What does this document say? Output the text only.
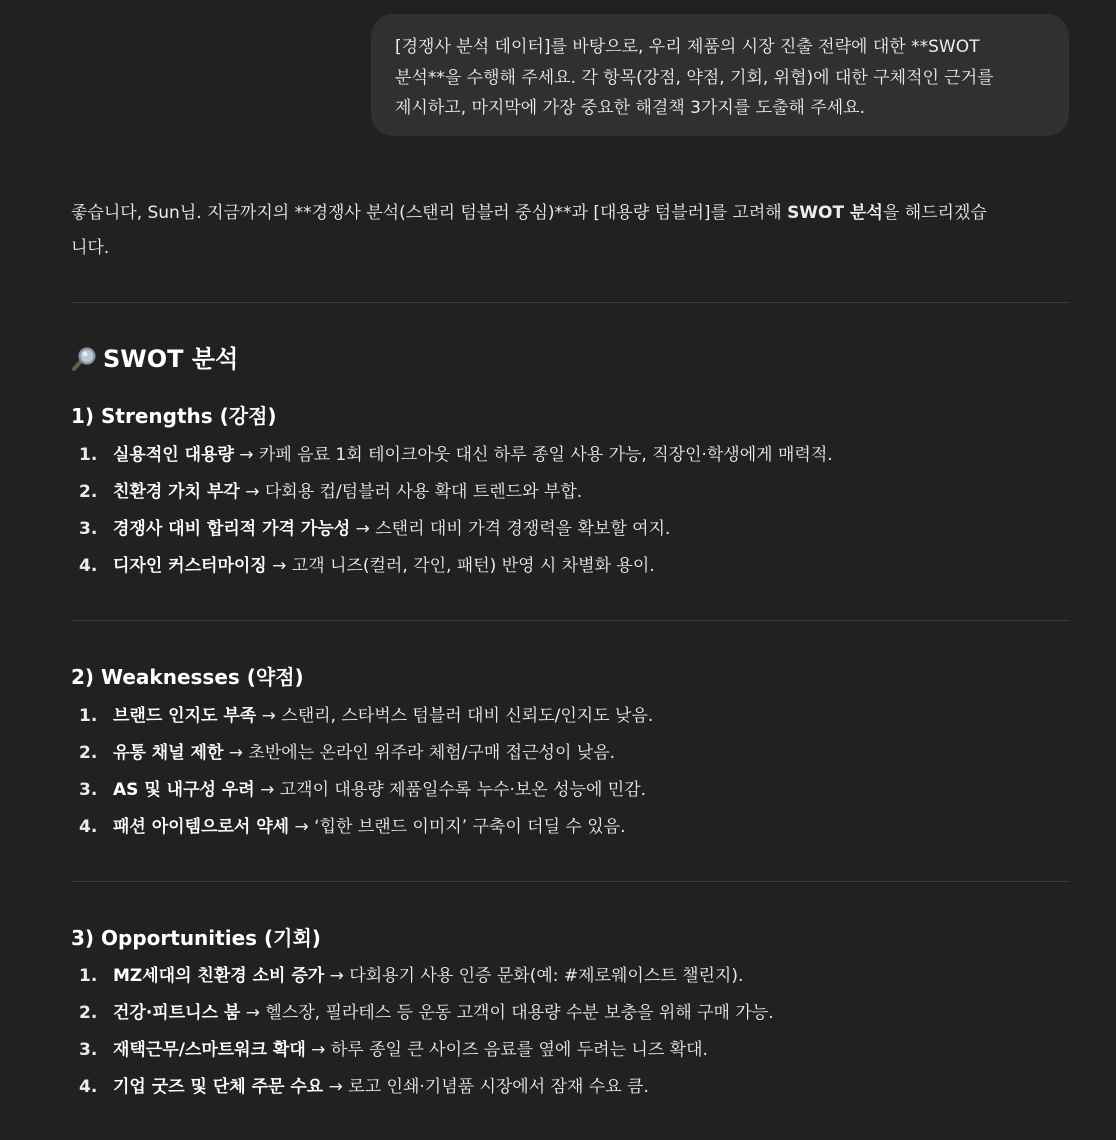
[경쟁사 분석 데이터]를 바탕으로, 우리 제품의 시장 진출 전략에 대한 **SWOT
분석**을 수행해 주세요. 각 항목(강점, 약점, 기회, 위협)에 대한 구체적인 근거를
제시하고, 마지막에 가장 중요한 해결책 3가지를 도출해 주세요.
좋습니다, Sun님. 지금까지의 **경쟁사 분석(스탠리 텀블러 중심)**과 [대용량 텀블러]를 고려해 SWOT 분석을 해드리겠습
니다.
SWOT 분석
1) Strengths (강점)
1. 실용적인 대용량 → 카페 음료 1회 테이크아웃 대신 하루 종일 사용 가능, 직장인·학생에게 매력적.
2. 친환경 가치 부각 → 다회용 컵/텀블러 사용 확대 트렌드와 부합.
3. 경쟁사 대비 합리적 가격 가능성 → 스탠리 대비 가격 경쟁력을 확보할 여지.
4. 디자인 커스터마이징 → 고객 니즈(컬러, 각인, 패턴) 반영 시 차별화 용이.
2) Weaknesses (약점)
1. 브랜드 인지도 부족 → 스탠리, 스타벅스 텀블러 대비 신뢰도/인지도 낮음.
2. 유통 채널 제한 → 초반에는 온라인 위주라 체험/구매 접근성이 낮음.
3. AS 및 내구성 우려 → 고객이 대용량 제품일수록 누수·보온 성능에 민감.
4. 패션 아이템으로서 약세 → ‘힙한 브랜드 이미지’ 구축이 더딜 수 있음.
3) Opportunities (기회)
1. MZ세대의 친환경 소비 증가 → 다회용기 사용 인증 문화(예: #제로웨이스트 챌린지).
2. 건강·피트니스 붐 → 헬스장, 필라테스 등 운동 고객이 대용량 수분 보충을 위해 구매 가능.
3. 재택근무/스마트워크 확대 → 하루 종일 큰 사이즈 음료를 옆에 두려는 니즈 확대.
4. 기업 굿즈 및 단체 주문 수요 → 로고 인쇄·기념품 시장에서 잠재 수요 큼.
